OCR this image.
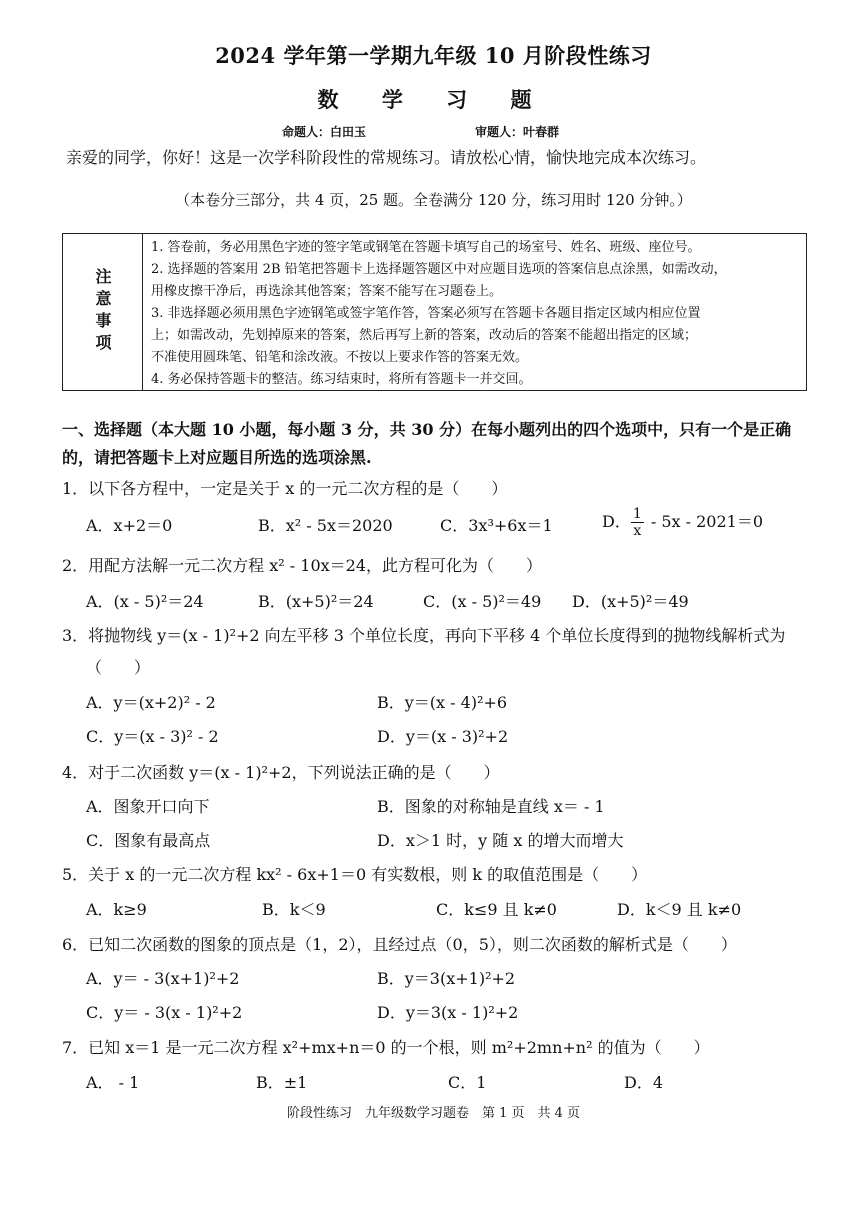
2024 学年第一学期九年级 10 月阶段性练习
数 学 习 题
命题人：白田玉	审题人：叶春群
亲爱的同学，你好！这是一次学科阶段性的常规练习。请放松心情，愉快地完成本次练习。
（本卷分三部分，共 4 页，25 题。全卷满分 120 分，练习用时 120 分钟。）
注意事项
1. 答卷前，务必用黑色字迹的签字笔或钢笔在答题卡填写自己的场室号、姓名、班级、座位号。
2. 选择题的答案用 2B 铅笔把答题卡上选择题答题区中对应题目选项的答案信息点涂黑，如需改动，
用橡皮擦干净后，再选涂其他答案；答案不能写在习题卷上。
3. 非选择题必须用黑色字迹钢笔或签字笔作答，答案必须写在答题卡各题目指定区域内相应位置
上；如需改动，先划掉原来的答案，然后再写上新的答案，改动后的答案不能超出指定的区域；
不准使用圆珠笔、铅笔和涂改液。不按以上要求作答的答案无效。
4. 务必保持答题卡的整洁。练习结束时，将所有答题卡一并交回。
一、选择题（本大题 10 小题，每小题 3 分，共 30 分）在每小题列出的四个选项中，只有一个是正确的，请把答题卡上对应题目所选的选项涂黑.
1．以下各方程中，一定是关于 x 的一元二次方程的是（　　）
A．x+2＝0	B．x² - 5x＝2020	C．3x³+6x＝1	D． $\frac{1}{x} - 5x - 2021=0$
2．用配方法解一元二次方程 x² - 10x＝24，此方程可化为（　　）
A．(x - 5)²＝24	B．(x+5)²＝24	C．(x - 5)²＝49 D．(x+5)²＝49
3．将抛物线 y＝(x - 1)²+2 向左平移 3 个单位长度，再向下平移 4 个单位长度得到的抛物线解析式为
（　　）
A．y＝(x+2)² - 2	B．y＝(x - 4)²+6
C．y＝(x - 3)² - 2	D．y＝(x - 3)²+2
4．对于二次函数 y＝(x - 1)²+2，下列说法正确的是（　　）
A．图象开口向下	B．图象的对称轴是直线 x＝ - 1
C．图象有最高点	D．x＞1 时，y 随 x 的增大而增大
5．关于 x 的一元二次方程 kx² - 6x+1＝0 有实数根，则 k 的取值范围是（　　）
A．k≥9	B．k＜9	C．k≤9 且 k≠0	D．k＜9 且 k≠0
6．已知二次函数的图象的顶点是（1，2），且经过点（0，5），则二次函数的解析式是（　　）
A．y＝ - 3(x+1)²+2	B．y＝3(x+1)²+2
C．y＝ - 3(x - 1)²+2	D．y＝3(x - 1)²+2
7．已知 x＝1 是一元二次方程 x²+mx+n＝0 的一个根，则 m²+2mn+n² 的值为（　　）
A． - 1	B．±1	C．1	D．4
阶段性练习　九年级数学习题卷　第 1 页　共 4 页
